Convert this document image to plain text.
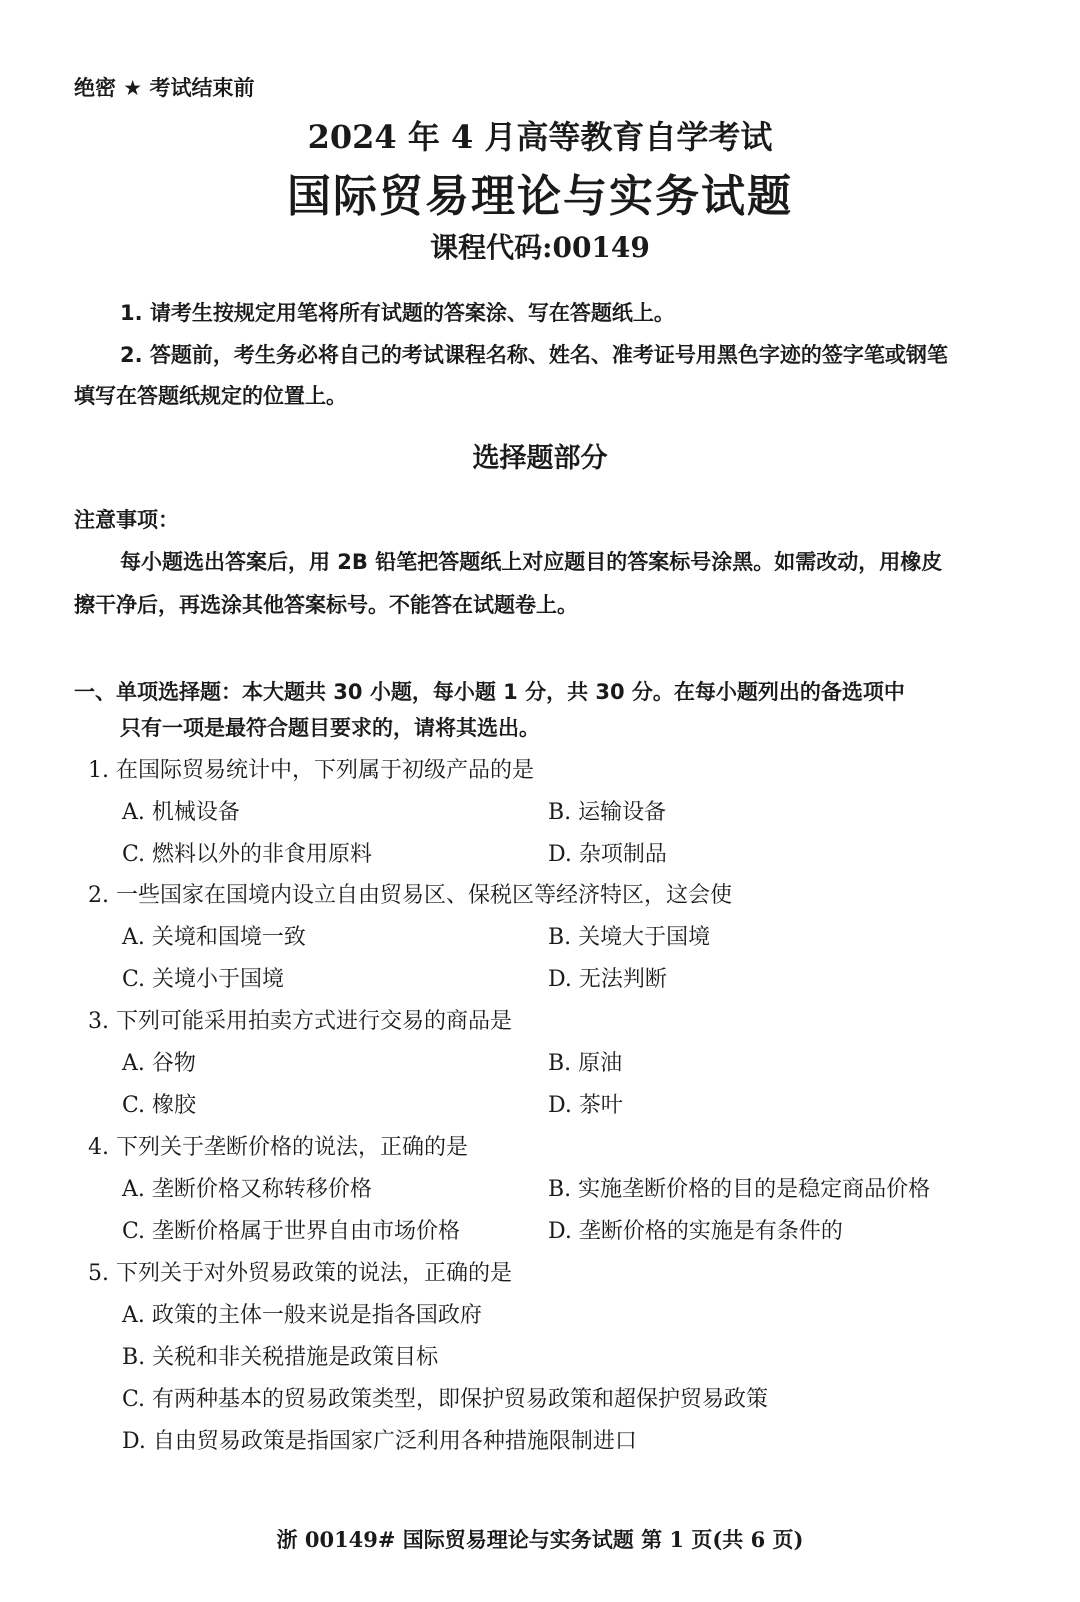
绝密 ★ 考试结束前
2024 年 4 月高等教育自学考试
国际贸易理论与实务试题
课程代码:00149
1. 请考生按规定用笔将所有试题的答案涂、写在答题纸上。
2. 答题前，考生务必将自己的考试课程名称、姓名、准考证号用黑色字迹的签字笔或钢笔
填写在答题纸规定的位置上。
选择题部分
注意事项：
每小题选出答案后，用 2B 铅笔把答题纸上对应题目的答案标号涂黑。如需改动，用橡皮
擦干净后，再选涂其他答案标号。不能答在试题卷上。
一、单项选择题：本大题共 30 小题，每小题 1 分，共 30 分。在每小题列出的备选项中
只有一项是最符合题目要求的，请将其选出。
1. 在国际贸易统计中，下列属于初级产品的是
A. 机械设备	B. 运输设备
C. 燃料以外的非食用原料	D. 杂项制品
2. 一些国家在国境内设立自由贸易区、保税区等经济特区，这会使
A. 关境和国境一致	B. 关境大于国境
C. 关境小于国境	D. 无法判断
3. 下列可能采用拍卖方式进行交易的商品是
A. 谷物	B. 原油
C. 橡胶	D. 茶叶
4. 下列关于垄断价格的说法，正确的是
A. 垄断价格又称转移价格	B. 实施垄断价格的目的是稳定商品价格
C. 垄断价格属于世界自由市场价格	D. 垄断价格的实施是有条件的
5. 下列关于对外贸易政策的说法，正确的是
A. 政策的主体一般来说是指各国政府
B. 关税和非关税措施是政策目标
C. 有两种基本的贸易政策类型，即保护贸易政策和超保护贸易政策
D. 自由贸易政策是指国家广泛利用各种措施限制进口
浙 00149# 国际贸易理论与实务试题 第 1 页(共 6 页)
